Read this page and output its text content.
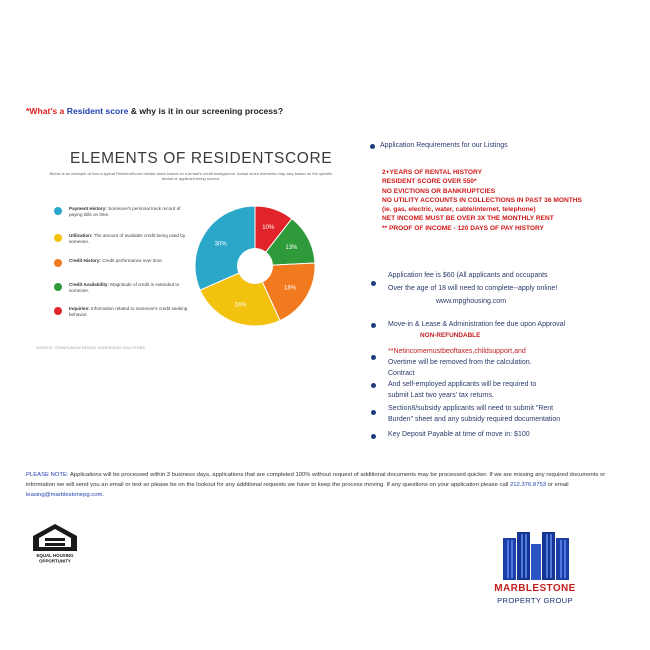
*What's a Resident score & why is it in our screening process?
ELEMENTS OF RESIDENTSCORE
Below is an example of how a typical ResidentScore breaks down based on a tenant's credit background. Actual score elements may vary based on the specific tenant or applicant being scored.
Payment History: Someone's personal track record of paying bills on time.
Utilization: The amount of available credit being used by someone.
Credit History: Credit performance over time.
Credit Availability: Magnitude of credit is extended to someone.
Inquiries: Information related to someone's credit seeking behavior.
SOURCE: TRANSUNION RENTAL SCREENING SOLUTIONS
10%
13%
18%
24%
30%
Application Requirements for our Listings
2+YEARS OF RENTAL HISTORY
RESIDENT SCORE OVER 550*
NO EVICTIONS OR BANKRUPTCIES
NO UTILITY ACCOUNTS IN COLLECTIONS IN PAST 36 MONTHS
(ie. gas, electric, water, cable/internet, telephone)
NET INCOME MUST BE OVER 3X THE MONTHLY RENT
** PROOF OF INCOME - 120 DAYS OF PAY HISTORY
Application fee is $60 (All applicants and occupants
Over the age of 18 will need to complete--apply online!
www.mpghousing.com
Move-in & Lease & Administration fee due upon Approval
NON-REFUNDABLE
**Netincomemustbeoftaxes,childsupport,and
Overtime will be removed from the calculation.
Contract
And self-employed applicants will be required to
submit Last two years' tax returns.
Section8/subsidy applicants will need to submit "Rent
Burden" sheet and any subsidy required documentation
Key Deposit Payable at time of move in: $100
PLEASE NOTE: Applications will be processed within 3 business days, applications that are completed 100% without request of additional documents may be processed quicker. If we are missing any required documents or information we will send you an email or text so please be on the lookout for any additional requests we have to keep the process moving. If any questions on your application please call 212.376.8753 or email leasing@marblestonepg.com.
EQUAL HOUSING
OPPORTUNITY
MARBLESTONE
PROPERTY GROUP
